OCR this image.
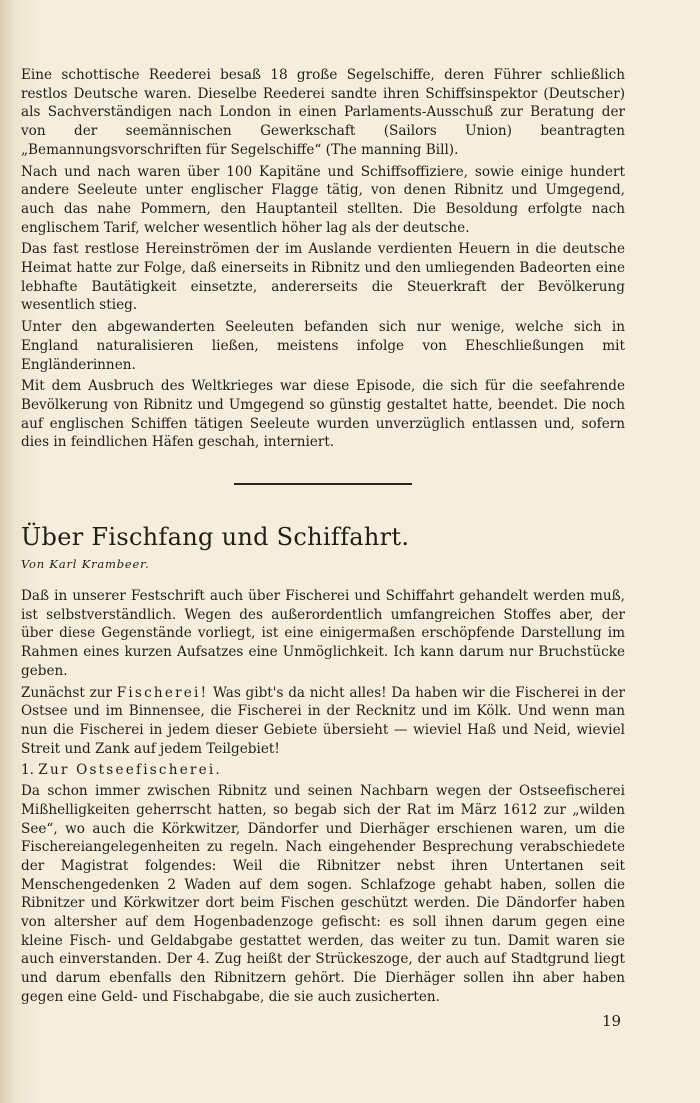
Eine schottische Reederei besaß 18 große Segelschiffe, deren Führer schließlich restlos Deutsche waren. Dieselbe Reederei sandte ihren Schiffsinspektor (Deutscher) als Sachverständigen nach London in einen Parlaments-Ausschuß zur Beratung der von der seemännischen Gewerkschaft (Sailors Union) beantragten „Bemannungsvorschriften für Segelschiffe“ (The manning Bill).

Nach und nach waren über 100 Kapitäne und Schiffsoffiziere, sowie einige hundert andere Seeleute unter englischer Flagge tätig, von denen Ribnitz und Umgegend, auch das nahe Pommern, den Hauptanteil stellten. Die Besoldung erfolgte nach englischem Tarif, welcher wesentlich höher lag als der deutsche.

Das fast restlose Hereinströmen der im Auslande verdienten Heuern in die deutsche Heimat hatte zur Folge, daß einerseits in Ribnitz und den umliegenden Badeorten eine lebhafte Bautätigkeit einsetzte, andererseits die Steuerkraft der Bevölkerung wesentlich stieg.

Unter den abgewanderten Seeleuten befanden sich nur wenige, welche sich in England naturalisieren ließen, meistens infolge von Eheschließungen mit Engländerinnen.

Mit dem Ausbruch des Weltkrieges war diese Episode, die sich für die seefahrende Bevölkerung von Ribnitz und Umgegend so günstig gestaltet hatte, beendet. Die noch auf englischen Schiffen tätigen Seeleute wurden unverzüglich entlassen und, sofern dies in feindlichen Häfen geschah, interniert.

Über Fischfang und Schiffahrt.
Von Karl Krambeer.

Daß in unserer Festschrift auch über Fischerei und Schiffahrt gehandelt werden muß, ist selbstverständlich. Wegen des außerordentlich umfangreichen Stoffes aber, der über diese Gegenstände vorliegt, ist eine einigermaßen erschöpfende Darstellung im Rahmen eines kurzen Aufsatzes eine Unmöglichkeit. Ich kann darum nur Bruchstücke geben.

Zunächst zur Fischerei! Was gibt's da nicht alles! Da haben wir die Fischerei in der Ostsee und im Binnensee, die Fischerei in der Recknitz und im Kölk. Und wenn man nun die Fischerei in jedem dieser Gebiete übersieht — wieviel Haß und Neid, wieviel Streit und Zank auf jedem Teilgebiet!

1. Zur Ostseefischerei.

Da schon immer zwischen Ribnitz und seinen Nachbarn wegen der Ostseefischerei Mißhelligkeiten geherrscht hatten, so begab sich der Rat im März 1612 zur „wilden See“, wo auch die Körkwitzer, Dändorfer und Dierhäger erschienen waren, um die Fischereiangelegenheiten zu regeln. Nach eingehender Besprechung verabschiedete der Magistrat folgendes: Weil die Ribnitzer nebst ihren Untertanen seit Menschengedenken 2 Waden auf dem sogen. Schlafzoge gehabt haben, sollen die Ribnitzer und Körkwitzer dort beim Fischen geschützt werden. Die Dändorfer haben von altersher auf dem Hogenbadenzoge gefischt: es soll ihnen darum gegen eine kleine Fisch- und Geldabgabe gestattet werden, das weiter zu tun. Damit waren sie auch einverstanden. Der 4. Zug heißt der Strückeszoge, der auch auf Stadtgrund liegt und darum ebenfalls den Ribnitzern gehört. Die Dierhäger sollen ihn aber haben gegen eine Geld- und Fischabgabe, die sie auch zusicherten.

19
